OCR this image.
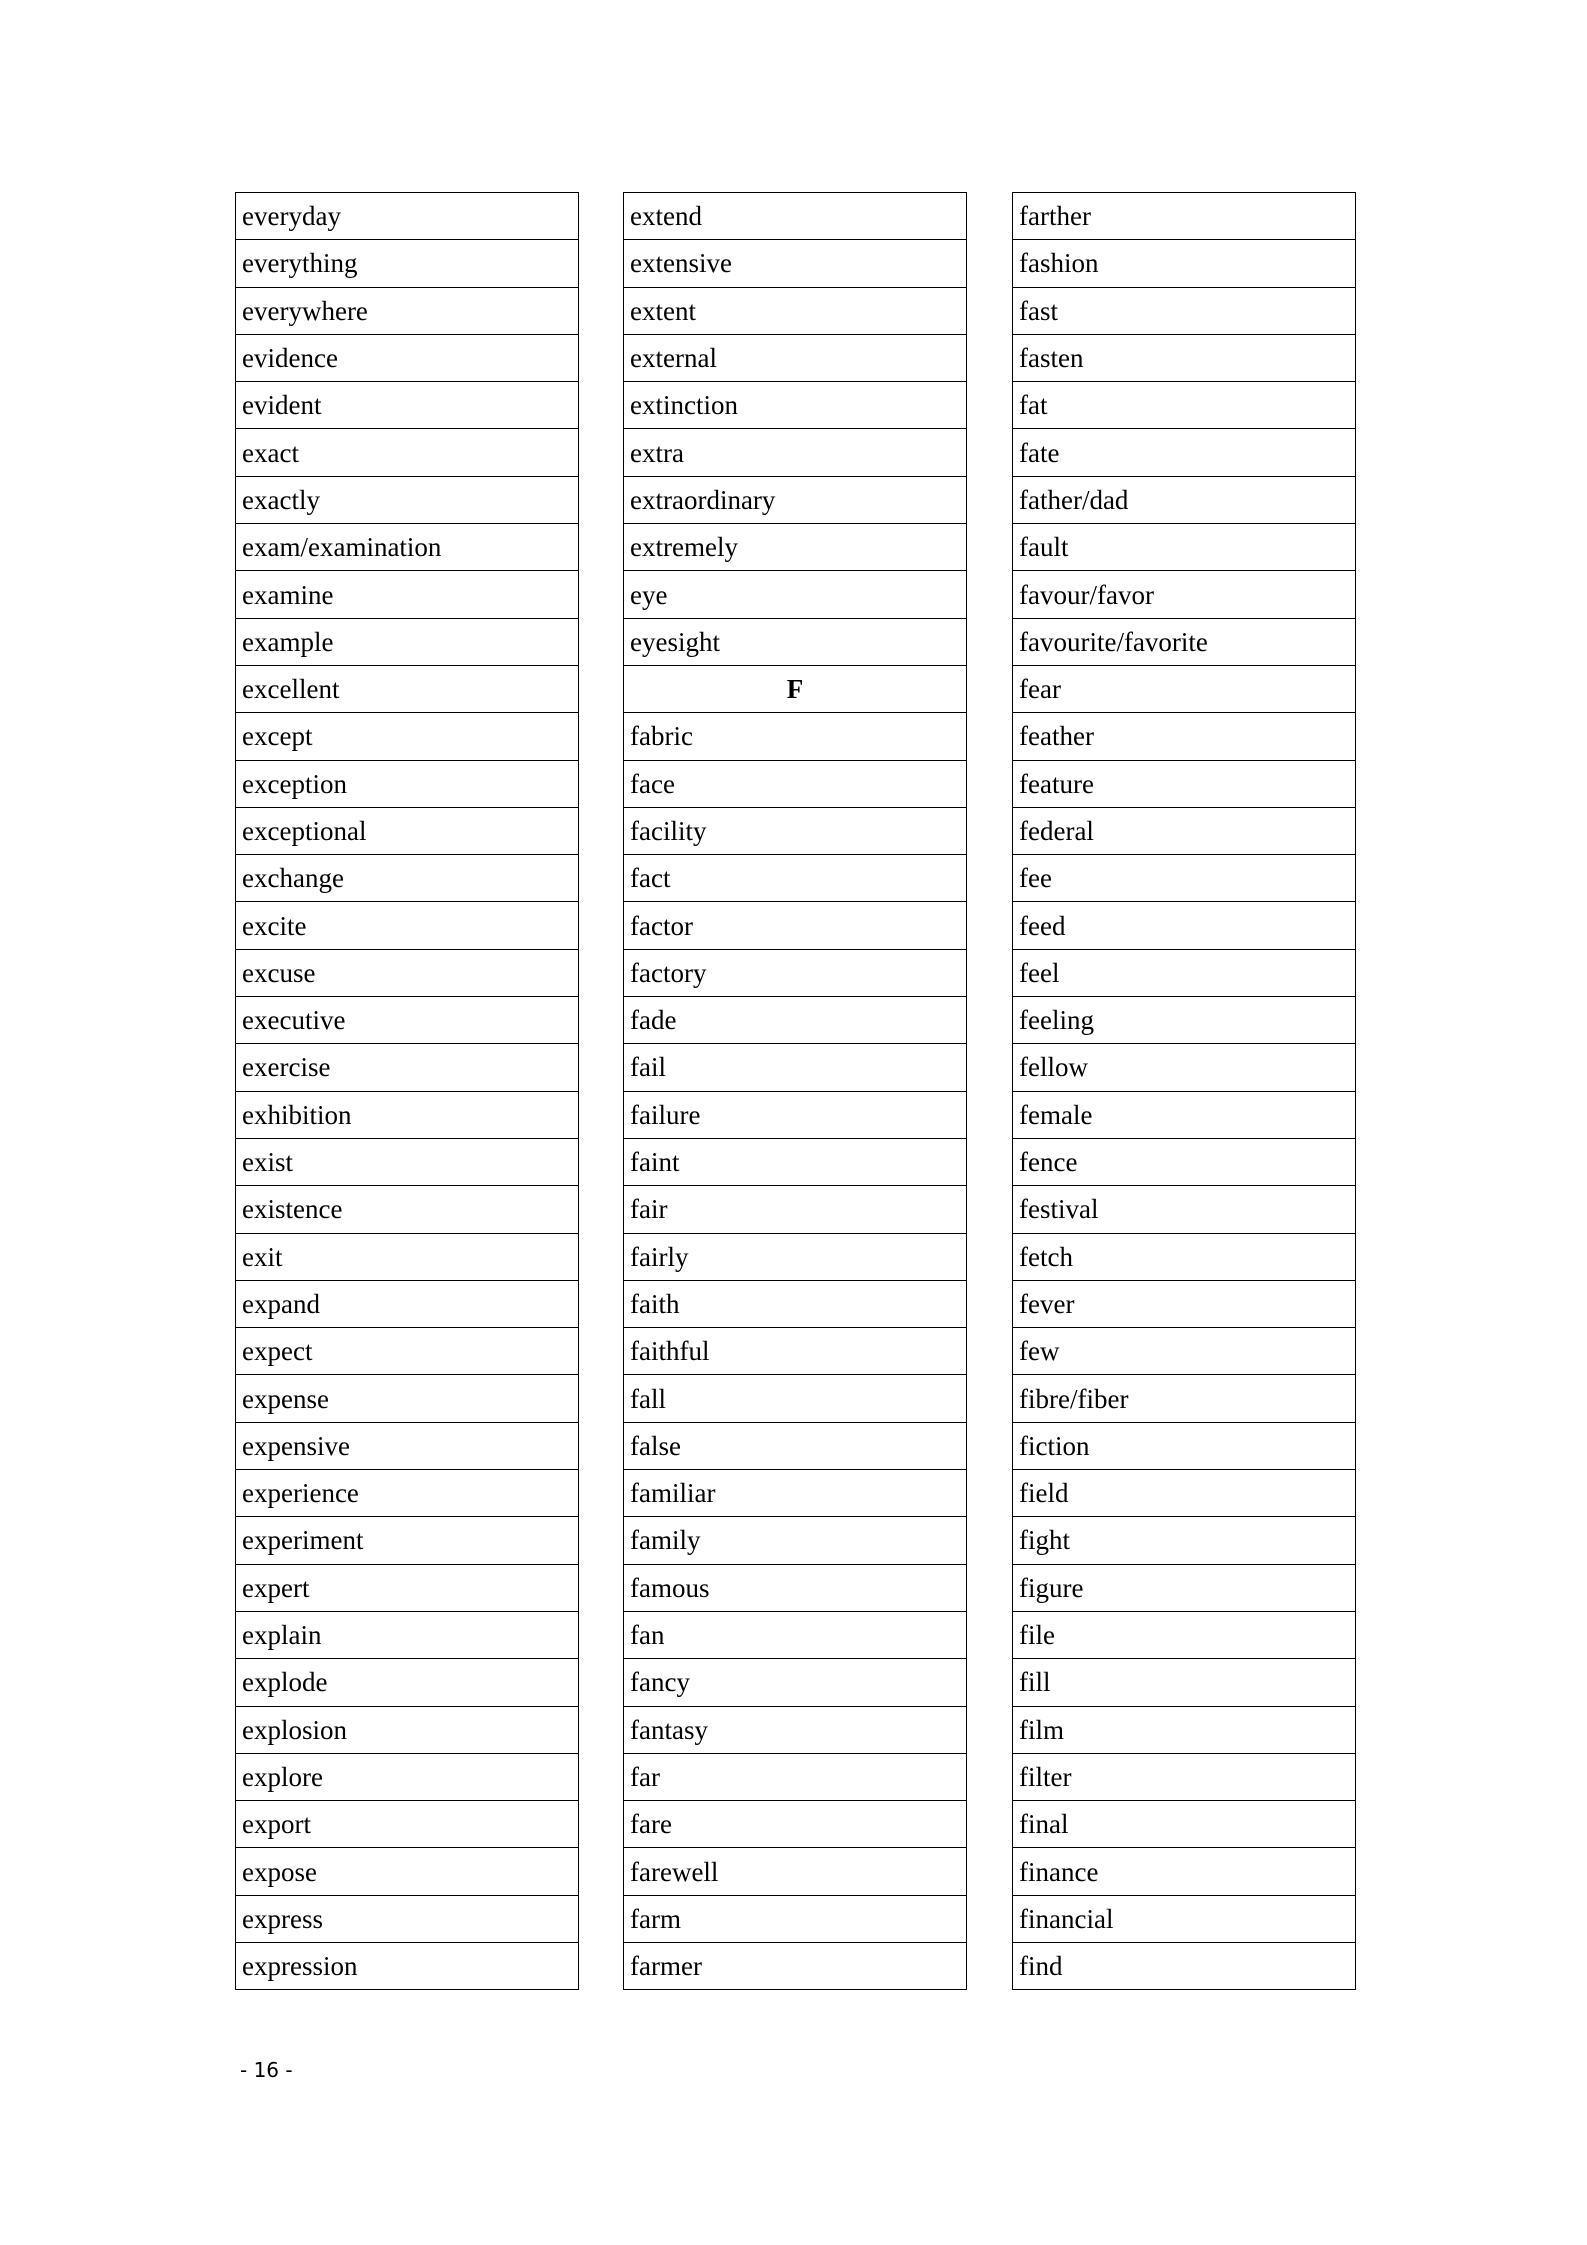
everyday
everything
everywhere
evidence
evident
exact
exactly
exam/examination
examine
example
excellent
except
exception
exceptional
exchange
excite
excuse
executive
exercise
exhibition
exist
existence
exit
expand
expect
expense
expensive
experience
experiment
expert
explain
explode
explosion
explore
export
expose
express
expression
extend
extensive
extent
external
extinction
extra
extraordinary
extremely
eye
eyesight
F
fabric
face
facility
fact
factor
factory
fade
fail
failure
faint
fair
fairly
faith
faithful
fall
false
familiar
family
famous
fan
fancy
fantasy
far
fare
farewell
farm
farmer
farther
fashion
fast
fasten
fat
fate
father/dad
fault
favour/favor
favourite/favorite
fear
feather
feature
federal
fee
feed
feel
feeling
fellow
female
fence
festival
fetch
fever
few
fibre/fiber
fiction
field
fight
figure
file
fill
film
filter
final
finance
financial
find
- 16 -
